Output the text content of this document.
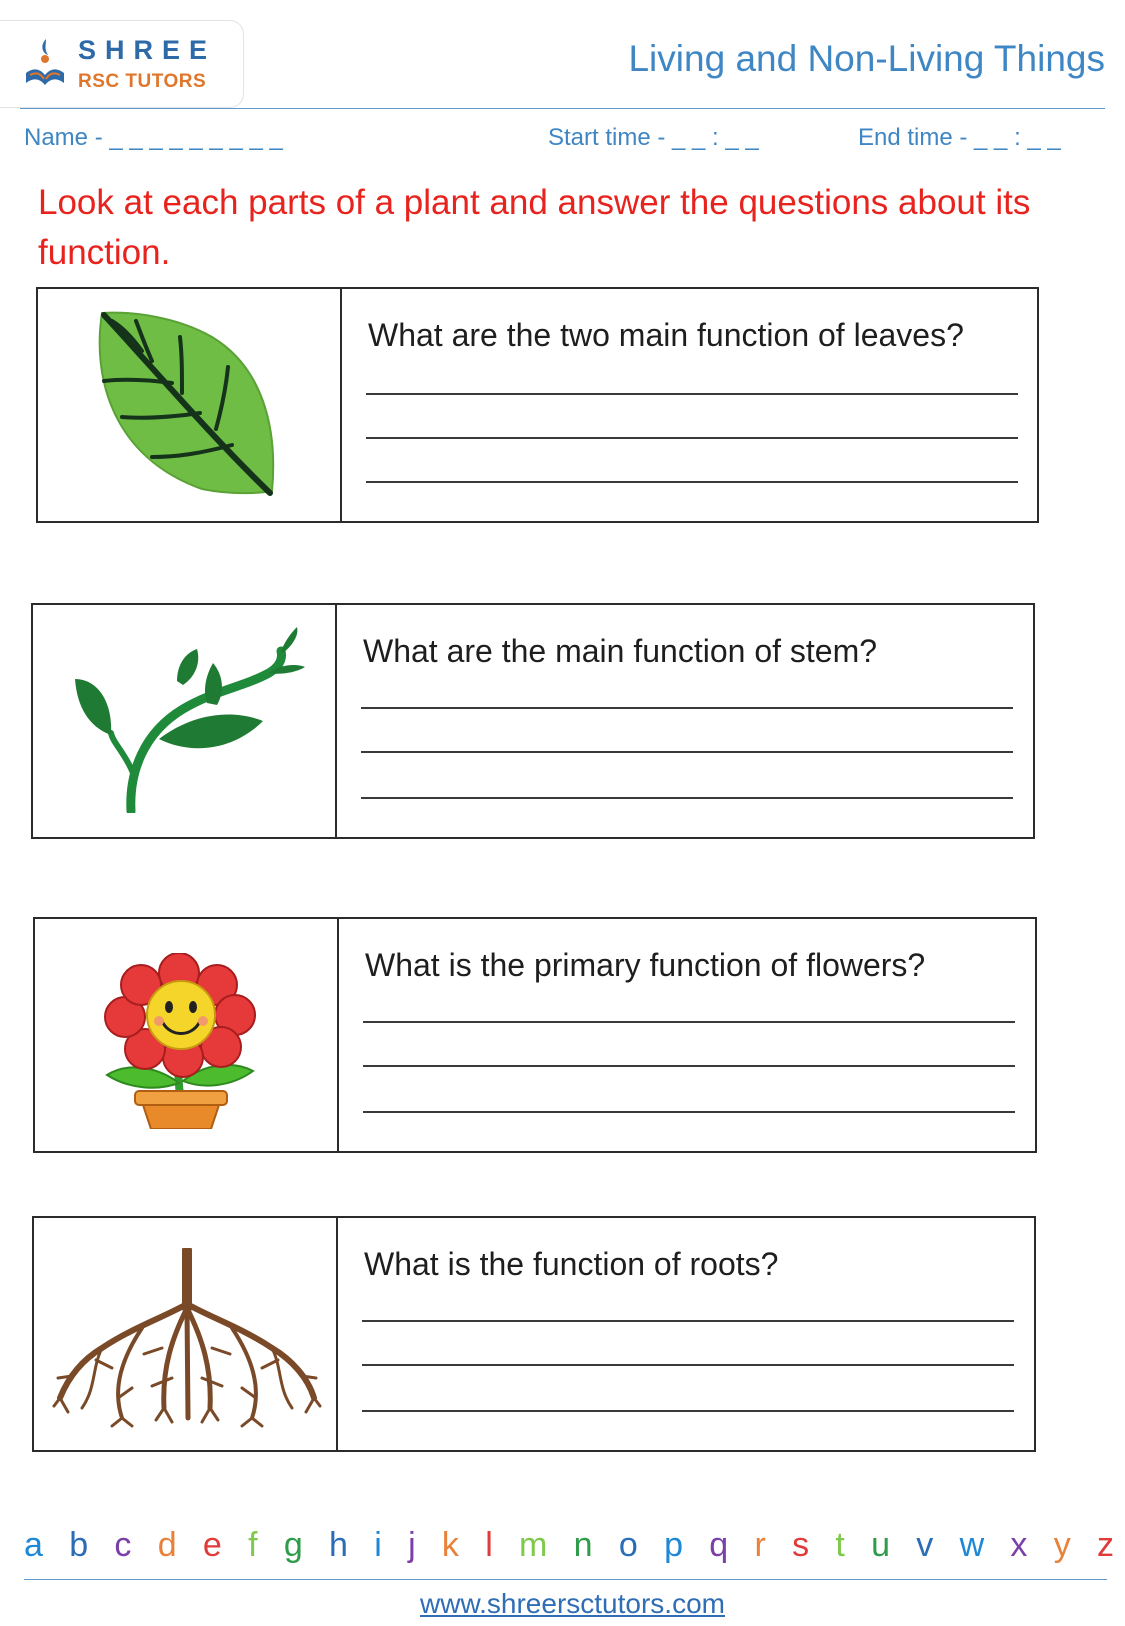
SHREE
RSC TUTORS
Living and Non-Living Things
Name - _ _ _ _ _ _ _ _ _	Start time - _ _ : _ _	End time - _ _ : _ _
Look at each parts of a plant and answer the questions about its function.
What are the two main function of leaves?
What are the main function of stem?
What is the primary function of flowers?
What is the function of roots?
a b c d e f g h i j k l m n o p q r s t u v w x y z
www.shreersctutors.com
